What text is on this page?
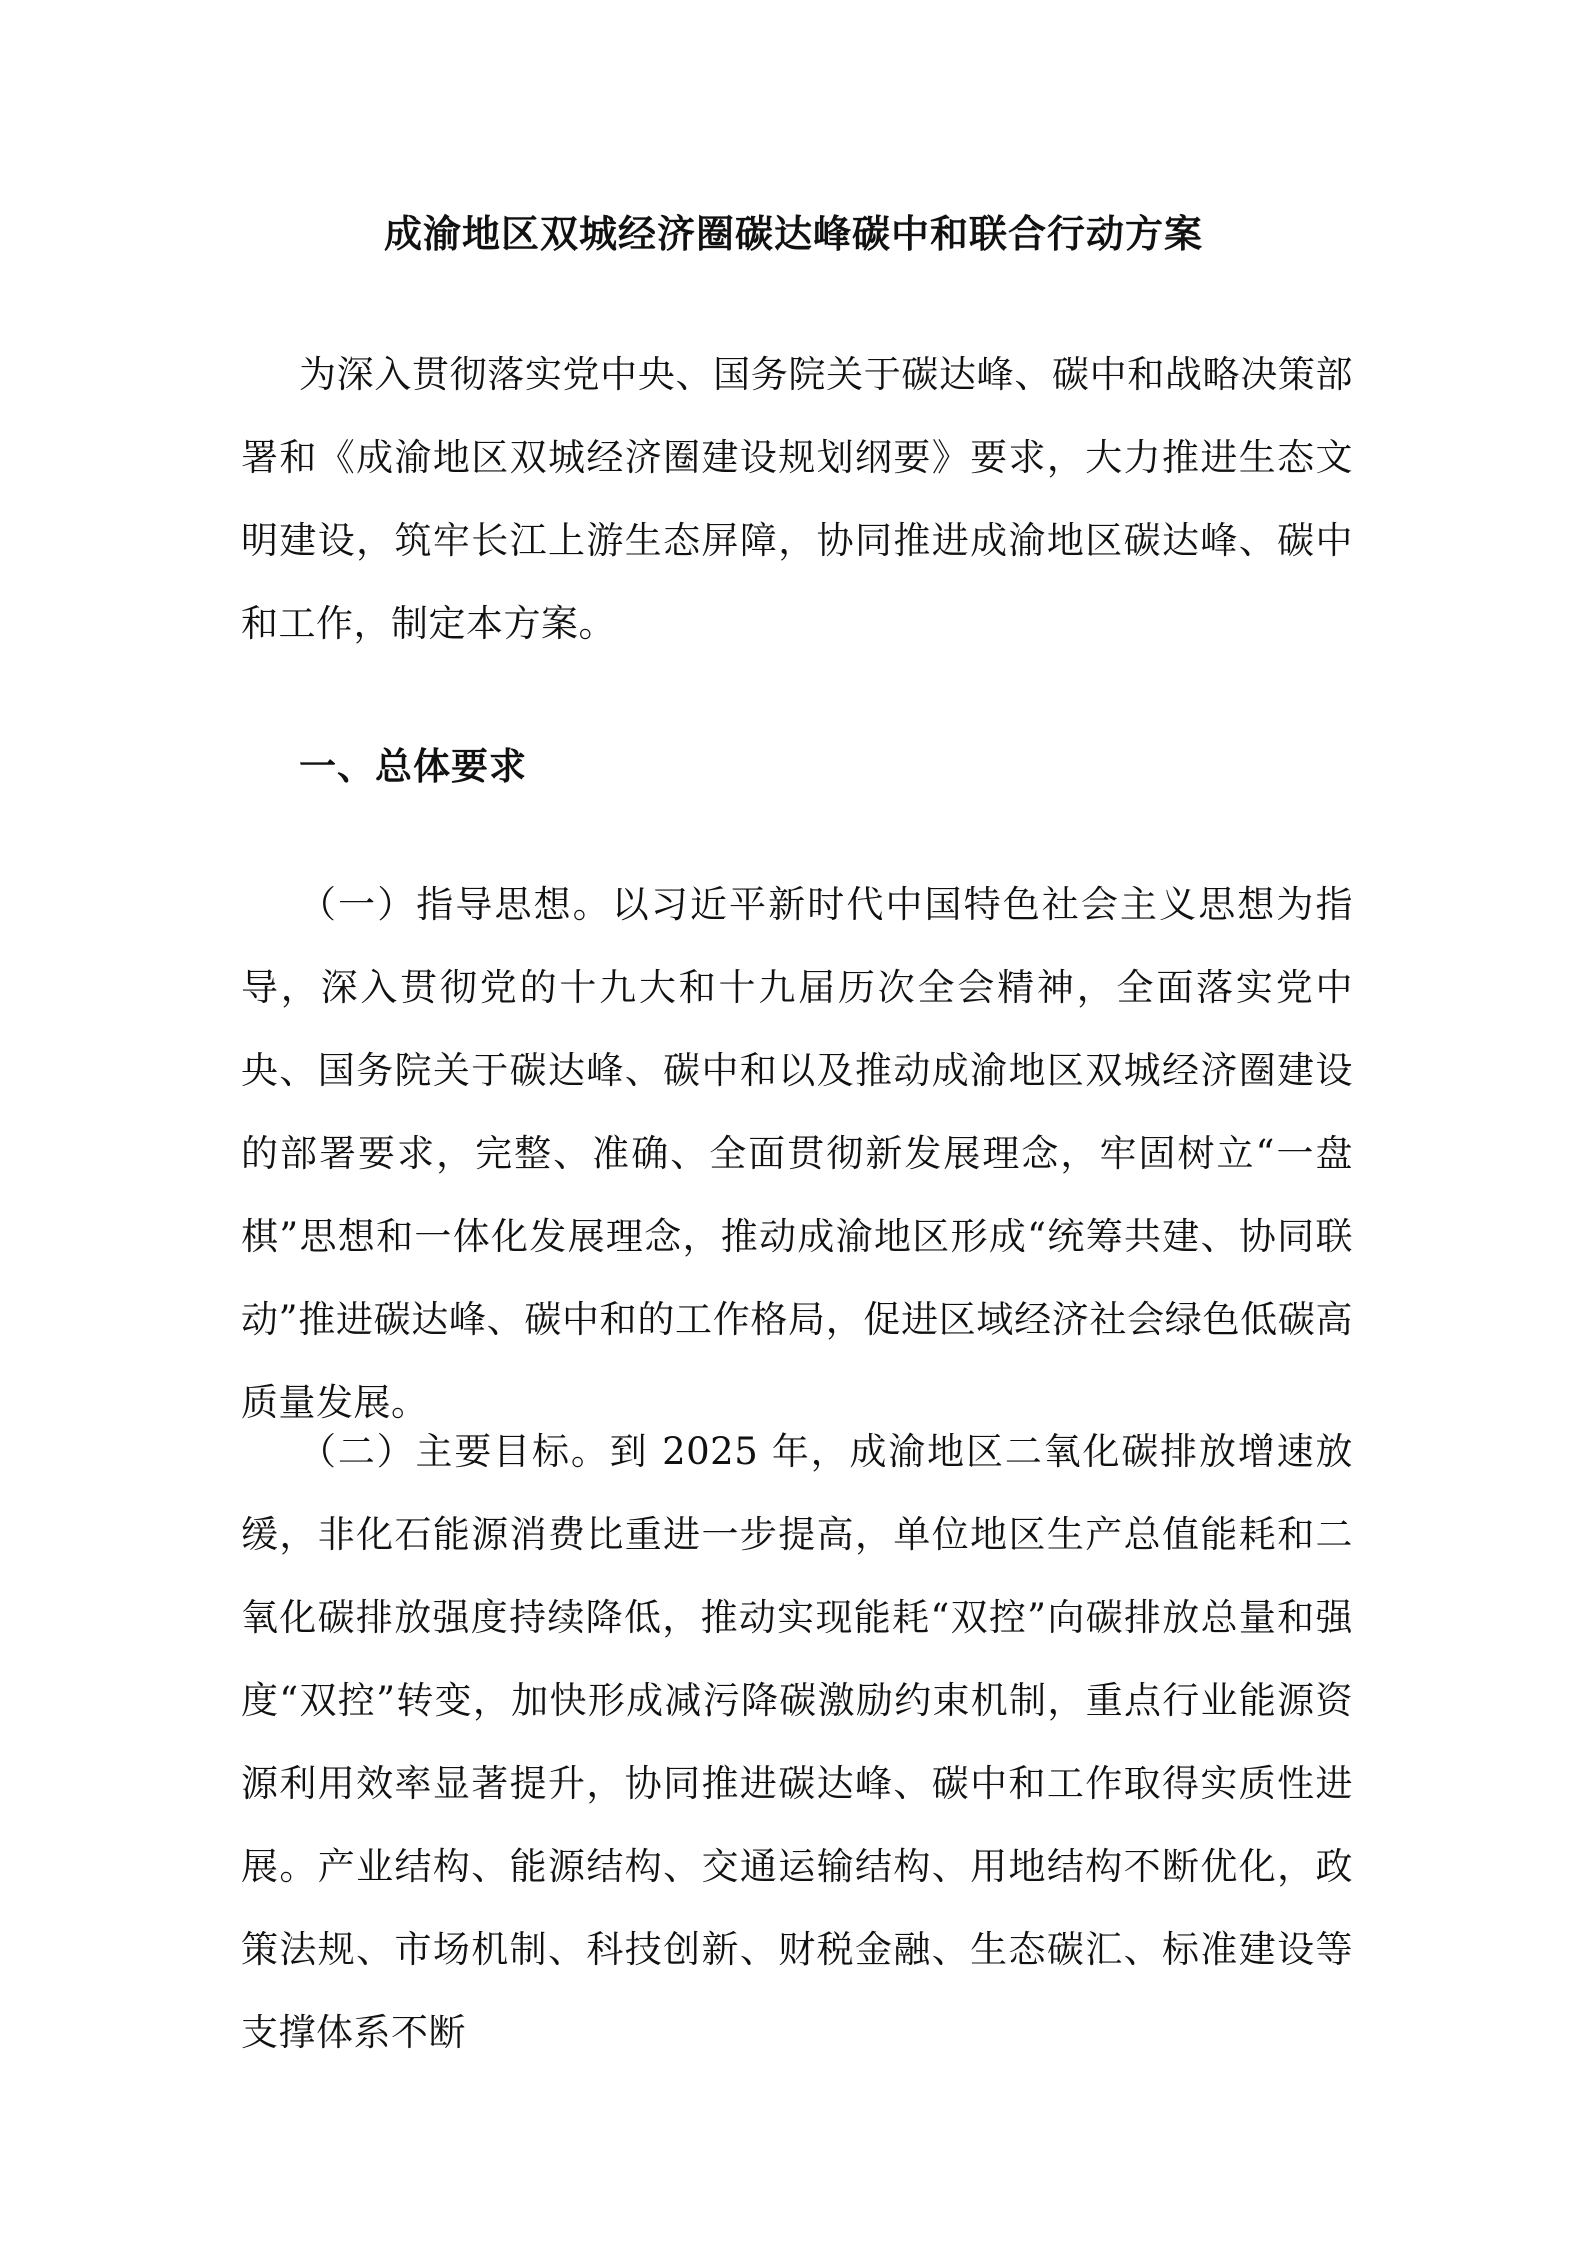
成渝地区双城经济圈碳达峰碳中和联合行动方案

为深入贯彻落实党中央、国务院关于碳达峰、碳中和战略决策部署和《成渝地区双城经济圈建设规划纲要》要求，大力推进生态文明建设，筑牢长江上游生态屏障，协同推进成渝地区碳达峰、碳中和工作，制定本方案。

一、总体要求

（一）指导思想。以习近平新时代中国特色社会主义思想为指导，深入贯彻党的十九大和十九届历次全会精神，全面落实党中央、国务院关于碳达峰、碳中和以及推动成渝地区双城经济圈建设的部署要求，完整、准确、全面贯彻新发展理念，牢固树立“一盘棋”思想和一体化发展理念，推动成渝地区形成“统筹共建、协同联动”推进碳达峰、碳中和的工作格局，促进区域经济社会绿色低碳高质量发展。

（二）主要目标。到 2025 年，成渝地区二氧化碳排放增速放缓，非化石能源消费比重进一步提高，单位地区生产总值能耗和二氧化碳排放强度持续降低，推动实现能耗“双控”向碳排放总量和强度“双控”转变，加快形成减污降碳激励约束机制，重点行业能源资源利用效率显著提升，协同推进碳达峰、碳中和工作取得实质性进展。产业结构、能源结构、交通运输结构、用地结构不断优化，政策法规、市场机制、科技创新、财税金融、生态碳汇、标准建设等支撑体系不断
